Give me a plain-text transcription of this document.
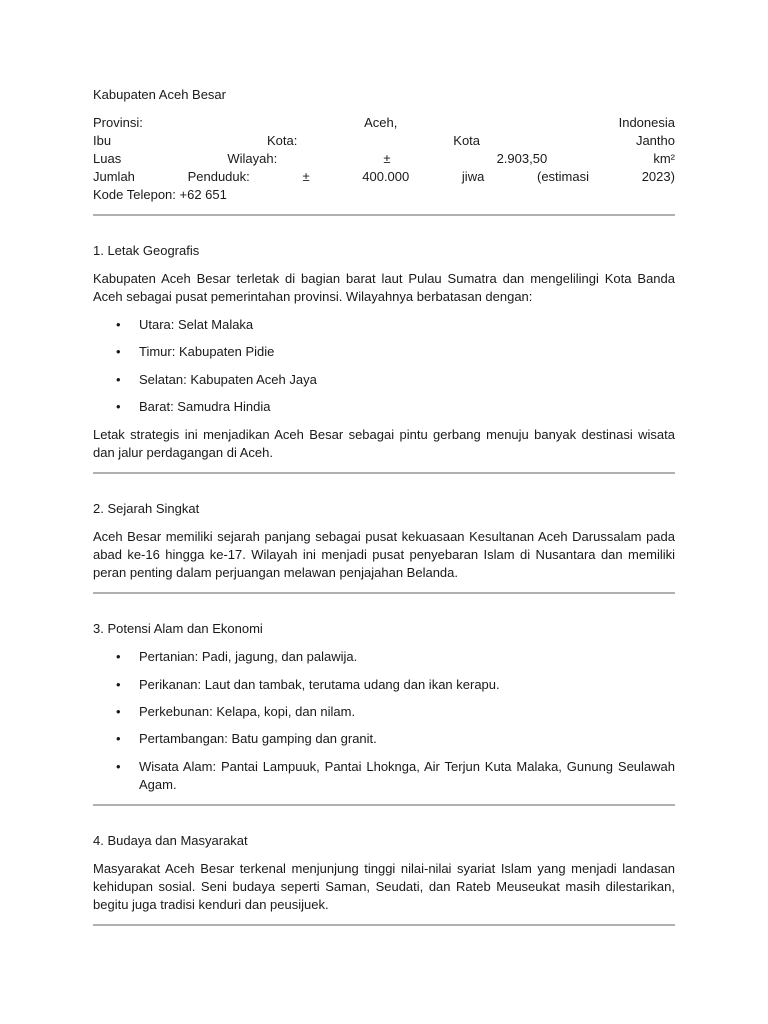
Kabupaten Aceh Besar
Provinsi:	Aceh,	Indonesia
Ibu	Kota:	Kota	Jantho
Luas	Wilayah:	±	2.903,50	km²
Jumlah	Penduduk:	±	400.000	jiwa	(estimasi	2023)
Kode Telepon: +62 651
1. Letak Geografis

Kabupaten Aceh Besar terletak di bagian barat laut Pulau Sumatra dan mengelilingi Kota Banda Aceh sebagai pusat pemerintahan provinsi. Wilayahnya berbatasan dengan:

• Utara: Selat Malaka
• Timur: Kabupaten Pidie
• Selatan: Kabupaten Aceh Jaya
• Barat: Samudra Hindia

Letak strategis ini menjadikan Aceh Besar sebagai pintu gerbang menuju banyak destinasi wisata dan jalur perdagangan di Aceh.

2. Sejarah Singkat

Aceh Besar memiliki sejarah panjang sebagai pusat kekuasaan Kesultanan Aceh Darussalam pada abad ke-16 hingga ke-17. Wilayah ini menjadi pusat penyebaran Islam di Nusantara dan memiliki peran penting dalam perjuangan melawan penjajahan Belanda.

3. Potensi Alam dan Ekonomi
• Pertanian: Padi, jagung, dan palawija.
• Perikanan: Laut dan tambak, terutama udang dan ikan kerapu.
• Perkebunan: Kelapa, kopi, dan nilam.
• Pertambangan: Batu gamping dan granit.
• Wisata Alam: Pantai Lampuuk, Pantai Lhoknga, Air Terjun Kuta Malaka, Gunung Seulawah Agam.
4. Budaya dan Masyarakat

Masyarakat Aceh Besar terkenal menjunjung tinggi nilai-nilai syariat Islam yang menjadi landasan kehidupan sosial. Seni budaya seperti Saman, Seudati, dan Rateb Meuseukat masih dilestarikan, begitu juga tradisi kenduri dan peusijuek.
